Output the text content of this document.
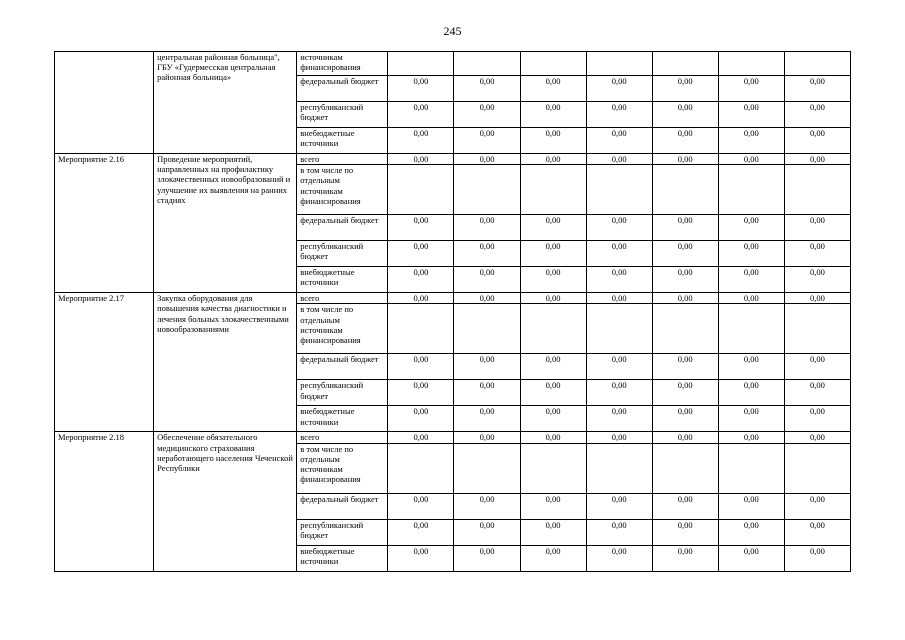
245
	центральная районная больница", ГБУ «Гудермесская центральная районная больница»	источникам финансирования							
		федеральный бюджет	0,00	0,00	0,00	0,00	0,00	0,00	0,00
		республиканский бюджет	0,00	0,00	0,00	0,00	0,00	0,00	0,00
		внебюджетные источники	0,00	0,00	0,00	0,00	0,00	0,00	0,00
Мероприятие 2.16	Проведение мероприятий, направленных на профилактику злокачественных новообразований и улучшение их выявления на ранних стадиях	всего	0,00	0,00	0,00	0,00	0,00	0,00	0,00
		в том числе по отдельным источникам финансирования							
		федеральный бюджет	0,00	0,00	0,00	0,00	0,00	0,00	0,00
		республиканский бюджет	0,00	0,00	0,00	0,00	0,00	0,00	0,00
		внебюджетные источники	0,00	0,00	0,00	0,00	0,00	0,00	0,00
Мероприятие 2.17	Закупка оборудования для повышения качества диагностики и лечения больных злокачественными новообразованиями	всего	0,00	0,00	0,00	0,00	0,00	0,00	0,00
		в том числе по отдельным источникам финансирования							
		федеральный бюджет	0,00	0,00	0,00	0,00	0,00	0,00	0,00
		республиканский бюджет	0,00	0,00	0,00	0,00	0,00	0,00	0,00
		внебюджетные источники	0,00	0,00	0,00	0,00	0,00	0,00	0,00
Мероприятие 2.18	Обеспечение обязательного медицинского страхования неработающего населения Чеченской Республики	всего	0,00	0,00	0,00	0,00	0,00	0,00	0,00
		в том числе по отдельным источникам финансирования							
		федеральный бюджет	0,00	0,00	0,00	0,00	0,00	0,00	0,00
		республиканский бюджет	0,00	0,00	0,00	0,00	0,00	0,00	0,00
		внебюджетные источники	0,00	0,00	0,00	0,00	0,00	0,00	0,00
